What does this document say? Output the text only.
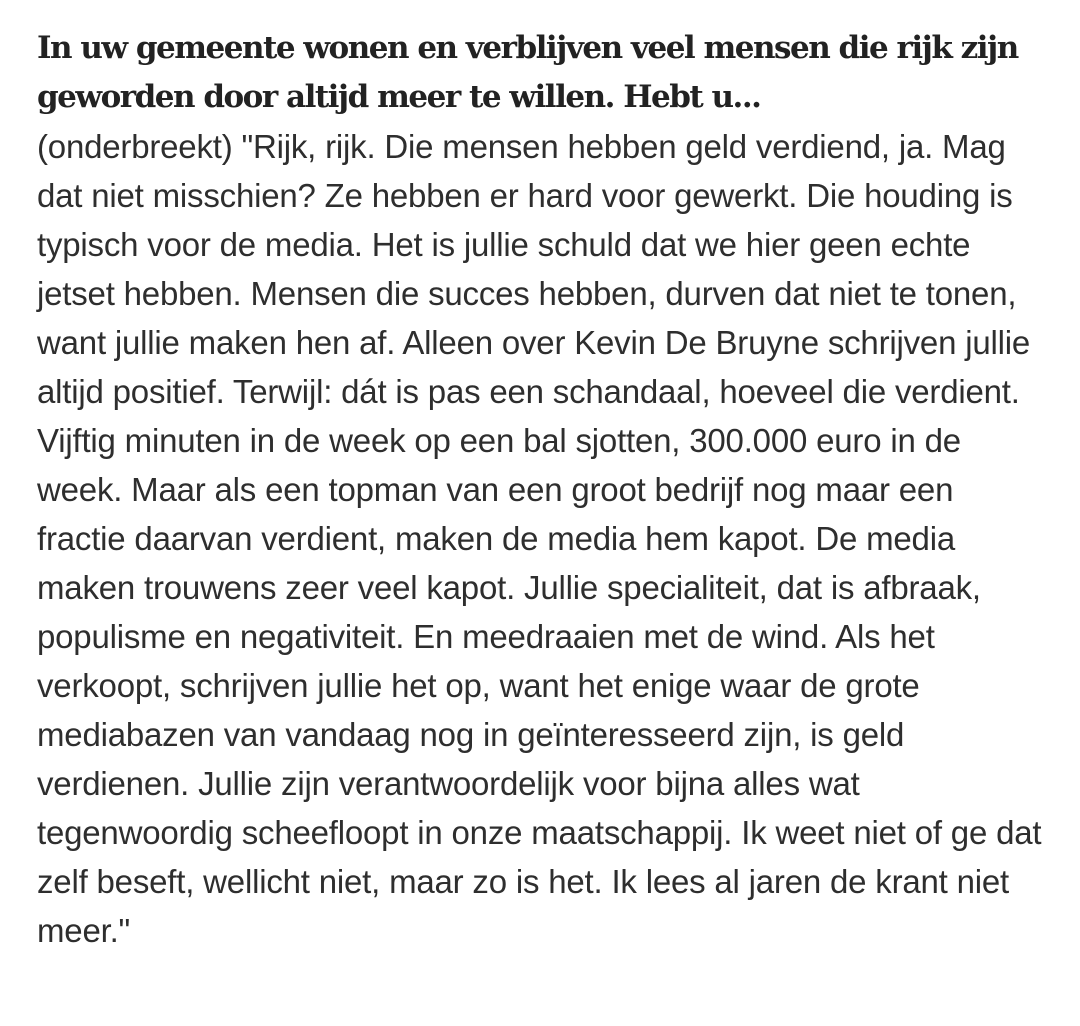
In uw gemeente wonen en verblijven veel mensen die rijk zijn geworden door altijd meer te willen. Hebt u...

(onderbreekt) "Rijk, rijk. Die mensen hebben geld verdiend, ja. Mag dat niet misschien? Ze hebben er hard voor gewerkt. Die houding is typisch voor de media. Het is jullie schuld dat we hier geen echte jetset hebben. Mensen die succes hebben, durven dat niet te tonen, want jullie maken hen af. Alleen over Kevin De Bruyne schrijven jullie altijd positief. Terwijl: dát is pas een schandaal, hoeveel die verdient. Vijftig minuten in de week op een bal sjotten, 300.000 euro in de week. Maar als een topman van een groot bedrijf nog maar een fractie daarvan verdient, maken de media hem kapot. De media maken trouwens zeer veel kapot. Jullie specialiteit, dat is afbraak, populisme en negativiteit. En meedraaien met de wind. Als het verkoopt, schrijven jullie het op, want het enige waar de grote mediabazen van vandaag nog in geïnteresseerd zijn, is geld verdienen. Jullie zijn verantwoordelijk voor bijna alles wat tegenwoordig scheefloopt in onze maatschappij. Ik weet niet of ge dat zelf beseft, wellicht niet, maar zo is het. Ik lees al jaren de krant niet meer."
